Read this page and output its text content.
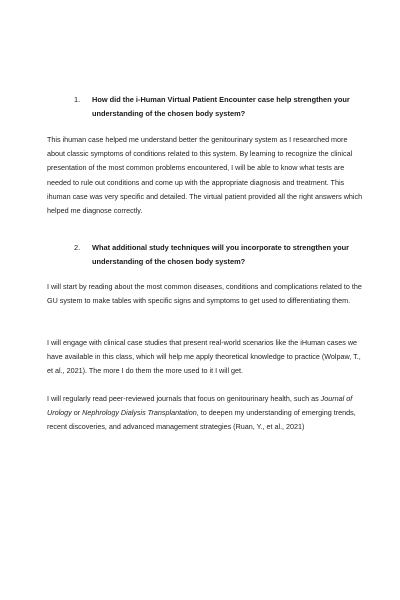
1.	How did the i-Human Virtual Patient Encounter case help strengthen your understanding of the chosen body system?

This ihuman case helped me understand better the genitourinary system as I researched more about classic symptoms of conditions related to this system. By learning to recognize the clinical presentation of the most common problems encountered, I will be able to know what tests are needed to rule out conditions and come up with the appropriate diagnosis and treatment. This ihuman case was very specific and detailed. The virtual patient provided all the right answers which helped me diagnose correctly.

2.	What additional study techniques will you incorporate to strengthen your understanding of the chosen body system?

I will start by reading about the most common diseases, conditions and complications related to the GU system to make tables with specific signs and symptoms to get used to differentiating them.

I will engage with clinical case studies that present real-world scenarios like the iHuman cases we have available in this class, which will help me apply theoretical knowledge to practice (Wolpaw, T., et al., 2021). The more I do them the more used to it I will get.

I will regularly read peer-reviewed journals that focus on genitourinary health, such as Journal of Urology or Nephrology Dialysis Transplantation, to deepen my understanding of emerging trends, recent discoveries, and advanced management strategies (Ruan, Y., et al., 2021)
